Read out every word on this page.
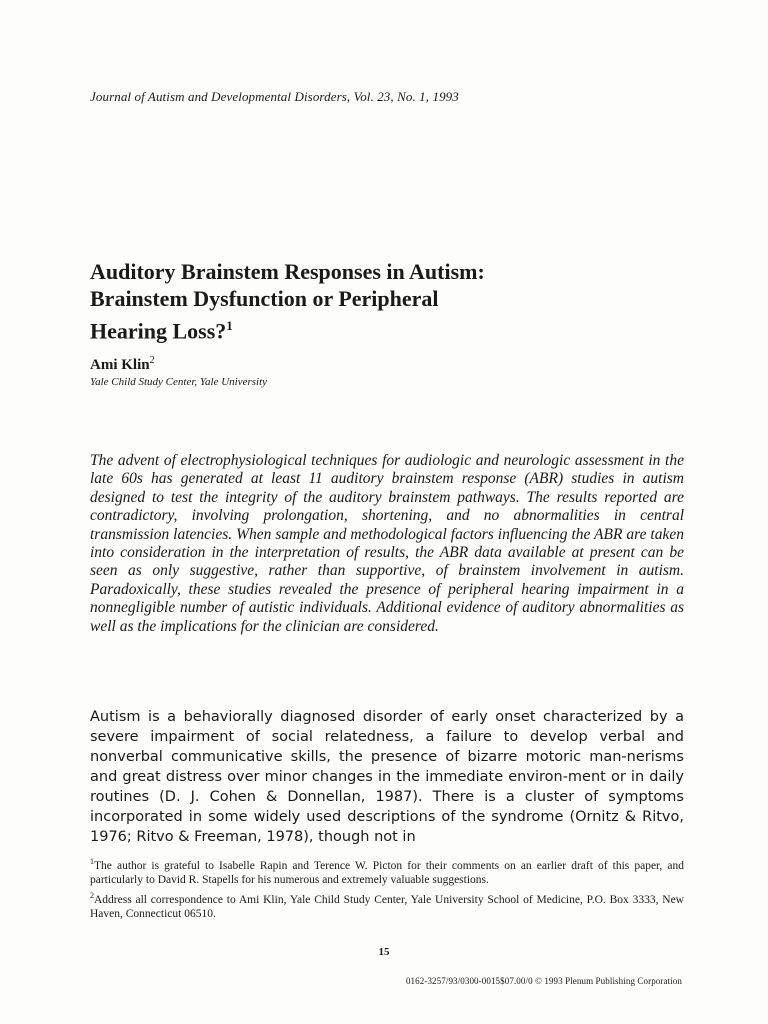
Journal of Autism and Developmental Disorders, Vol. 23, No. 1, 1993
Auditory Brainstem Responses in Autism:
Brainstem Dysfunction or Peripheral
Hearing Loss?$^1$
Ami Klin$^2$
Yale Child Study Center, Yale University

The advent of electrophysiological techniques for audiologic and neurologic assessment in the late 60s has generated at least 11 auditory brainstem response (ABR) studies in autism designed to test the integrity of the auditory brainstem pathways. The results reported are contradictory, involving prolongation, shortening, and no abnormalities in central transmission latencies. When sample and methodological factors influencing the ABR are taken into consideration in the interpretation of results, the ABR data available at present can be seen as only suggestive, rather than supportive, of brainstem involvement in autism. Paradoxically, these studies revealed the presence of peripheral hearing impairment in a nonnegligible number of autistic individuals. Additional evidence of auditory abnormalities as well as the implications for the clinician are considered.

Autism is a behaviorally diagnosed disorder of early onset characterized by a severe impairment of social relatedness, a failure to develop verbal and nonverbal communicative skills, the presence of bizarre motoric man-nerisms and great distress over minor changes in the immediate environ-ment or in daily routines (D. J. Cohen & Donnellan, 1987). There is a cluster of symptoms incorporated in some widely used descriptions of the syndrome (Ornitz & Ritvo, 1976; Ritvo & Freeman, 1978), though not in

$^1$The author is grateful to Isabelle Rapin and Terence W. Picton for their comments on an earlier draft of this paper, and particularly to David R. Stapells for his numerous and extremely valuable suggestions.

$^2$Address all correspondence to Ami Klin, Yale Child Study Center, Yale University School of Medicine, P.O. Box 3333, New Haven, Connecticut 06510.

15
0162-3257/93/0300-0015$07.00/0 © 1993 Plenum Publishing Corporation
